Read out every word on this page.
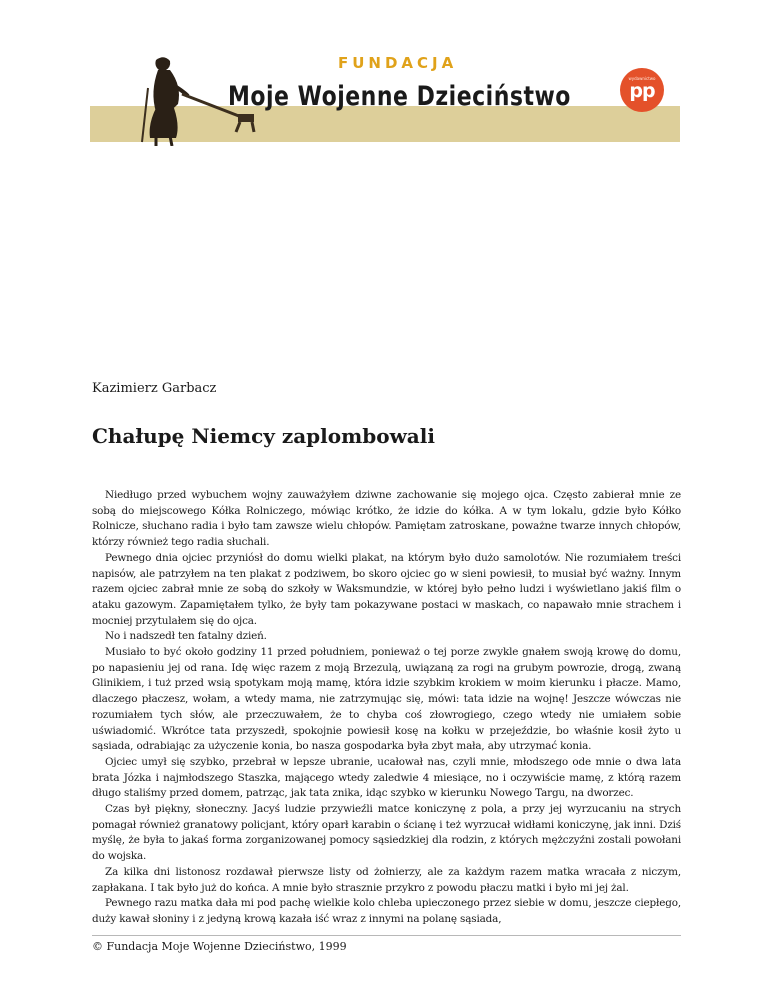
FUNDACJA
Moje Wojenne Dzieciństwo
wydawnictwo
pp
Kazimierz Garbacz
Chałupę Niemcy zaplombowali

Niedługo przed wybuchem wojny zauważyłem dziwne zachowanie się mojego ojca. Często zabierał mnie ze sobą do miejscowego Kółka Rolniczego, mówiąc krótko, że idzie do kółka. A w tym lokalu, gdzie było Kółko Rolnicze, słuchano radia i było tam zawsze wielu chłopów. Pamiętam zatroskane, poważne twarze innych chłopów, którzy również tego radia słuchali.

Pewnego dnia ojciec przyniósł do domu wielki plakat, na którym było dużo samolotów. Nie rozumiałem treści napisów, ale patrzyłem na ten plakat z podziwem, bo skoro ojciec go w sieni powiesił, to musiał być ważny. Innym razem ojciec zabrał mnie ze sobą do szkoły w Waksmundzie, w której było pełno ludzi i wyświetlano jakiś film o ataku gazowym. Zapamiętałem tylko, że były tam pokazywane postaci w maskach, co napawało mnie strachem i mocniej przytulałem się do ojca.

No i nadszedł ten fatalny dzień.

Musiało to być około godziny 11 przed południem, ponieważ o tej porze zwykle gnałem swoją krowę do domu, po napasieniu jej od rana. Idę więc razem z moją Brzezulą, uwiązaną za rogi na grubym powrozie, drogą, zwaną Glinikiem, i tuż przed wsią spotykam moją mamę, która idzie szybkim krokiem w moim kierunku i płacze. Mamo, dlaczego płaczesz, wołam, a wtedy mama, nie zatrzymując się, mówi: tata idzie na wojnę! Jeszcze wówczas nie rozumiałem tych słów, ale przeczuwałem, że to chyba coś złowrogiego, czego wtedy nie umiałem sobie uświadomić. Wkrótce tata przyszedł, spokojnie powiesił kosę na kołku w przejeździe, bo właśnie kosił żyto u sąsiada, odrabiając za użyczenie konia, bo nasza gospodarka była zbyt mała, aby utrzymać konia.

Ojciec umył się szybko, przebrał w lepsze ubranie, ucałował nas, czyli mnie, młodszego ode mnie o dwa lata brata Józka i najmłodszego Staszka, mającego wtedy zaledwie 4 miesiące, no i oczywiście mamę, z którą razem długo staliśmy przed domem, patrząc, jak tata znika, idąc szybko w kierunku Nowego Targu, na dworzec.

Czas był piękny, słoneczny. Jacyś ludzie przywieźli matce koniczynę z pola, a przy jej wyrzucaniu na strych pomagał również granatowy policjant, który oparł karabin o ścianę i też wyrzucał widłami koniczynę, jak inni. Dziś myślę, że była to jakaś forma zorganizowanej pomocy sąsiedzkiej dla rodzin, z których mężczyźni zostali powołani do wojska.

Za kilka dni listonosz rozdawał pierwsze listy od żołnierzy, ale za każdym razem matka wracała z niczym, zapłakana. I tak było już do końca. A mnie było strasznie przykro z powodu płaczu matki i było mi jej żal.

Pewnego razu matka dała mi pod pachę wielkie kolo chleba upieczonego przez siebie w domu, jeszcze ciepłego, duży kawał słoniny i z jedyną krową kazała iść wraz z innymi na polanę sąsiada,

© Fundacja Moje Wojenne Dzieciństwo, 1999
